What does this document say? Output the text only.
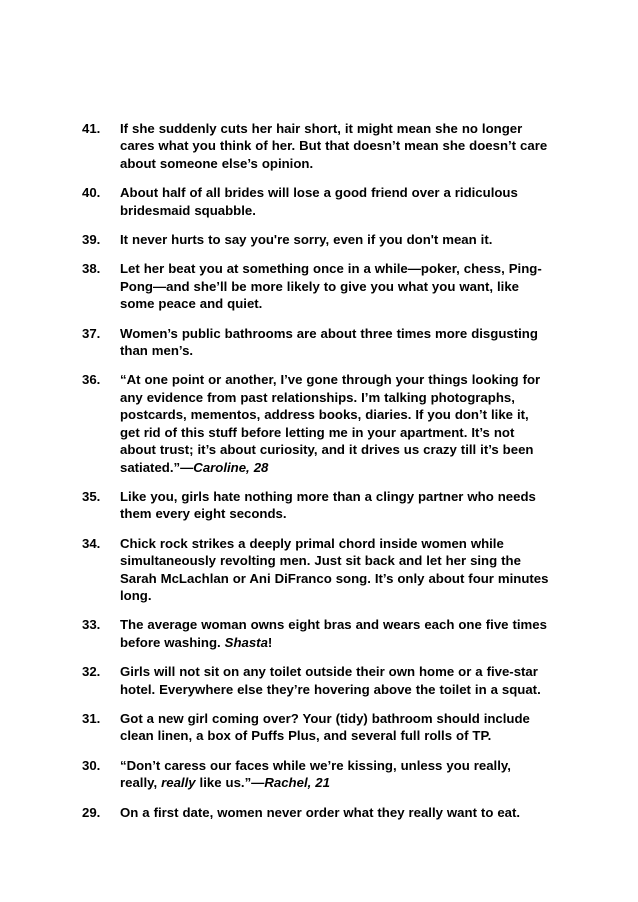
41.	If she suddenly cuts her hair short, it might mean she no longer cares what you think of her. But that doesn’t mean she doesn’t care about someone else’s opinion.
40.	About half of all brides will lose a good friend over a ridiculous bridesmaid squabble.
39.	It never hurts to say you're sorry, even if you don't mean it.
38.	Let her beat you at something once in a while—poker, chess, Ping-Pong—and she’ll be more likely to give you what you want, like some peace and quiet.
37.	Women’s public bathrooms are about three times more disgusting than men’s.
36.	“At one point or another, I’ve gone through your things looking for any evidence from past relationships. I’m talking photographs, postcards, mementos, address books, diaries. If you don’t like it, get rid of this stuff before letting me in your apartment. It’s not about trust; it’s about curiosity, and it drives us crazy till it’s been satiated.”—Caroline, 28
35.	Like you, girls hate nothing more than a clingy partner who needs them every eight seconds.
34.	Chick rock strikes a deeply primal chord inside women while simultaneously revolting men. Just sit back and let her sing the Sarah McLachlan or Ani DiFranco song. It’s only about four minutes long.
33.	The average woman owns eight bras and wears each one five times before washing. Shasta!
32.	Girls will not sit on any toilet outside their own home or a five-star hotel. Everywhere else they’re hovering above the toilet in a squat.
31.	Got a new girl coming over? Your (tidy) bathroom should include clean linen, a box of Puffs Plus, and several full rolls of TP.
30.	“Don’t caress our faces while we’re kissing, unless you really, really, really like us.”—Rachel, 21
29.	On a first date, women never order what they really want to eat.
